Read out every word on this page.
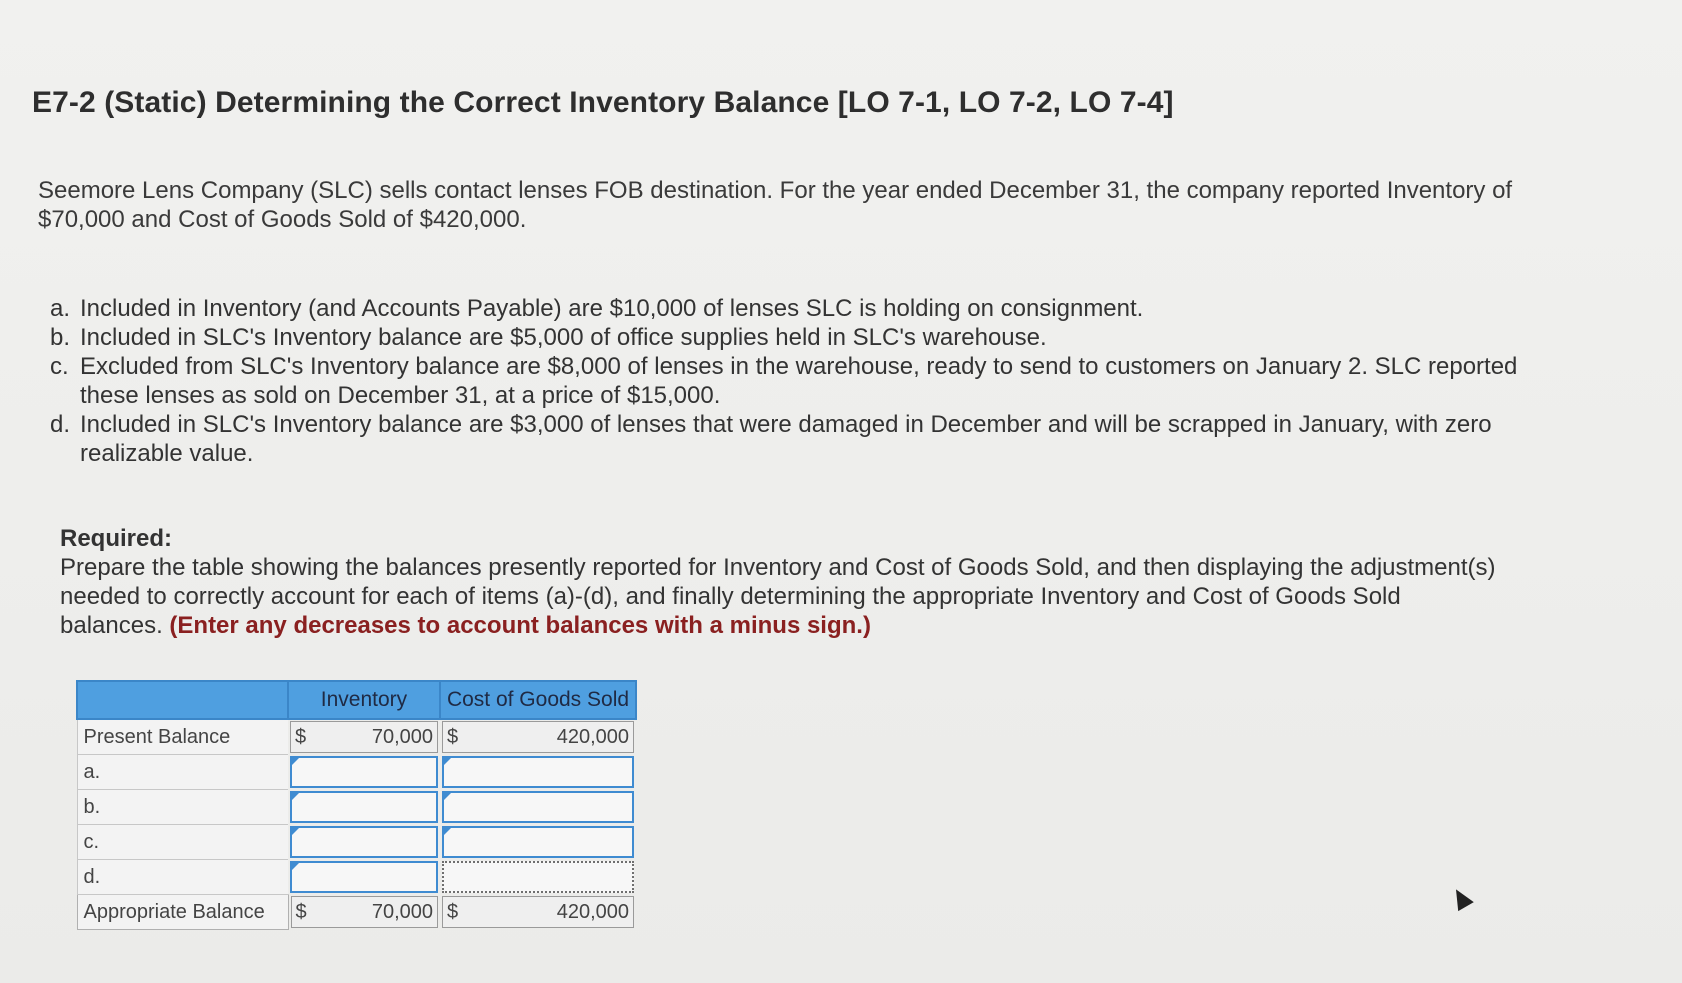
E7-2 (Static) Determining the Correct Inventory Balance [LO 7-1, LO 7-2, LO 7-4]

Seemore Lens Company (SLC) sells contact lenses FOB destination. For the year ended December 31, the company reported Inventory of $70,000 and Cost of Goods Sold of $420,000.

a. Included in Inventory (and Accounts Payable) are $10,000 of lenses SLC is holding on consignment.
b. Included in SLC's Inventory balance are $5,000 of office supplies held in SLC's warehouse.
c. Excluded from SLC's Inventory balance are $8,000 of lenses in the warehouse, ready to send to customers on January 2. SLC reported these lenses as sold on December 31, at a price of $15,000.
d. Included in SLC's Inventory balance are $3,000 of lenses that were damaged in December and will be scrapped in January, with zero realizable value.
Required:
Prepare the table showing the balances presently reported for Inventory and Cost of Goods Sold, and then displaying the adjustment(s) needed to correctly account for each of items (a)-(d), and finally determining the appropriate Inventory and Cost of Goods Sold balances. (Enter any decreases to account balances with a minus sign.)
	Inventory	Cost of Goods Sold
Present Balance	$ 70,000	$ 420,000

a.	

b.	

c.	

d.	

Appropriate Balance	$ 70,000	$ 420,000
